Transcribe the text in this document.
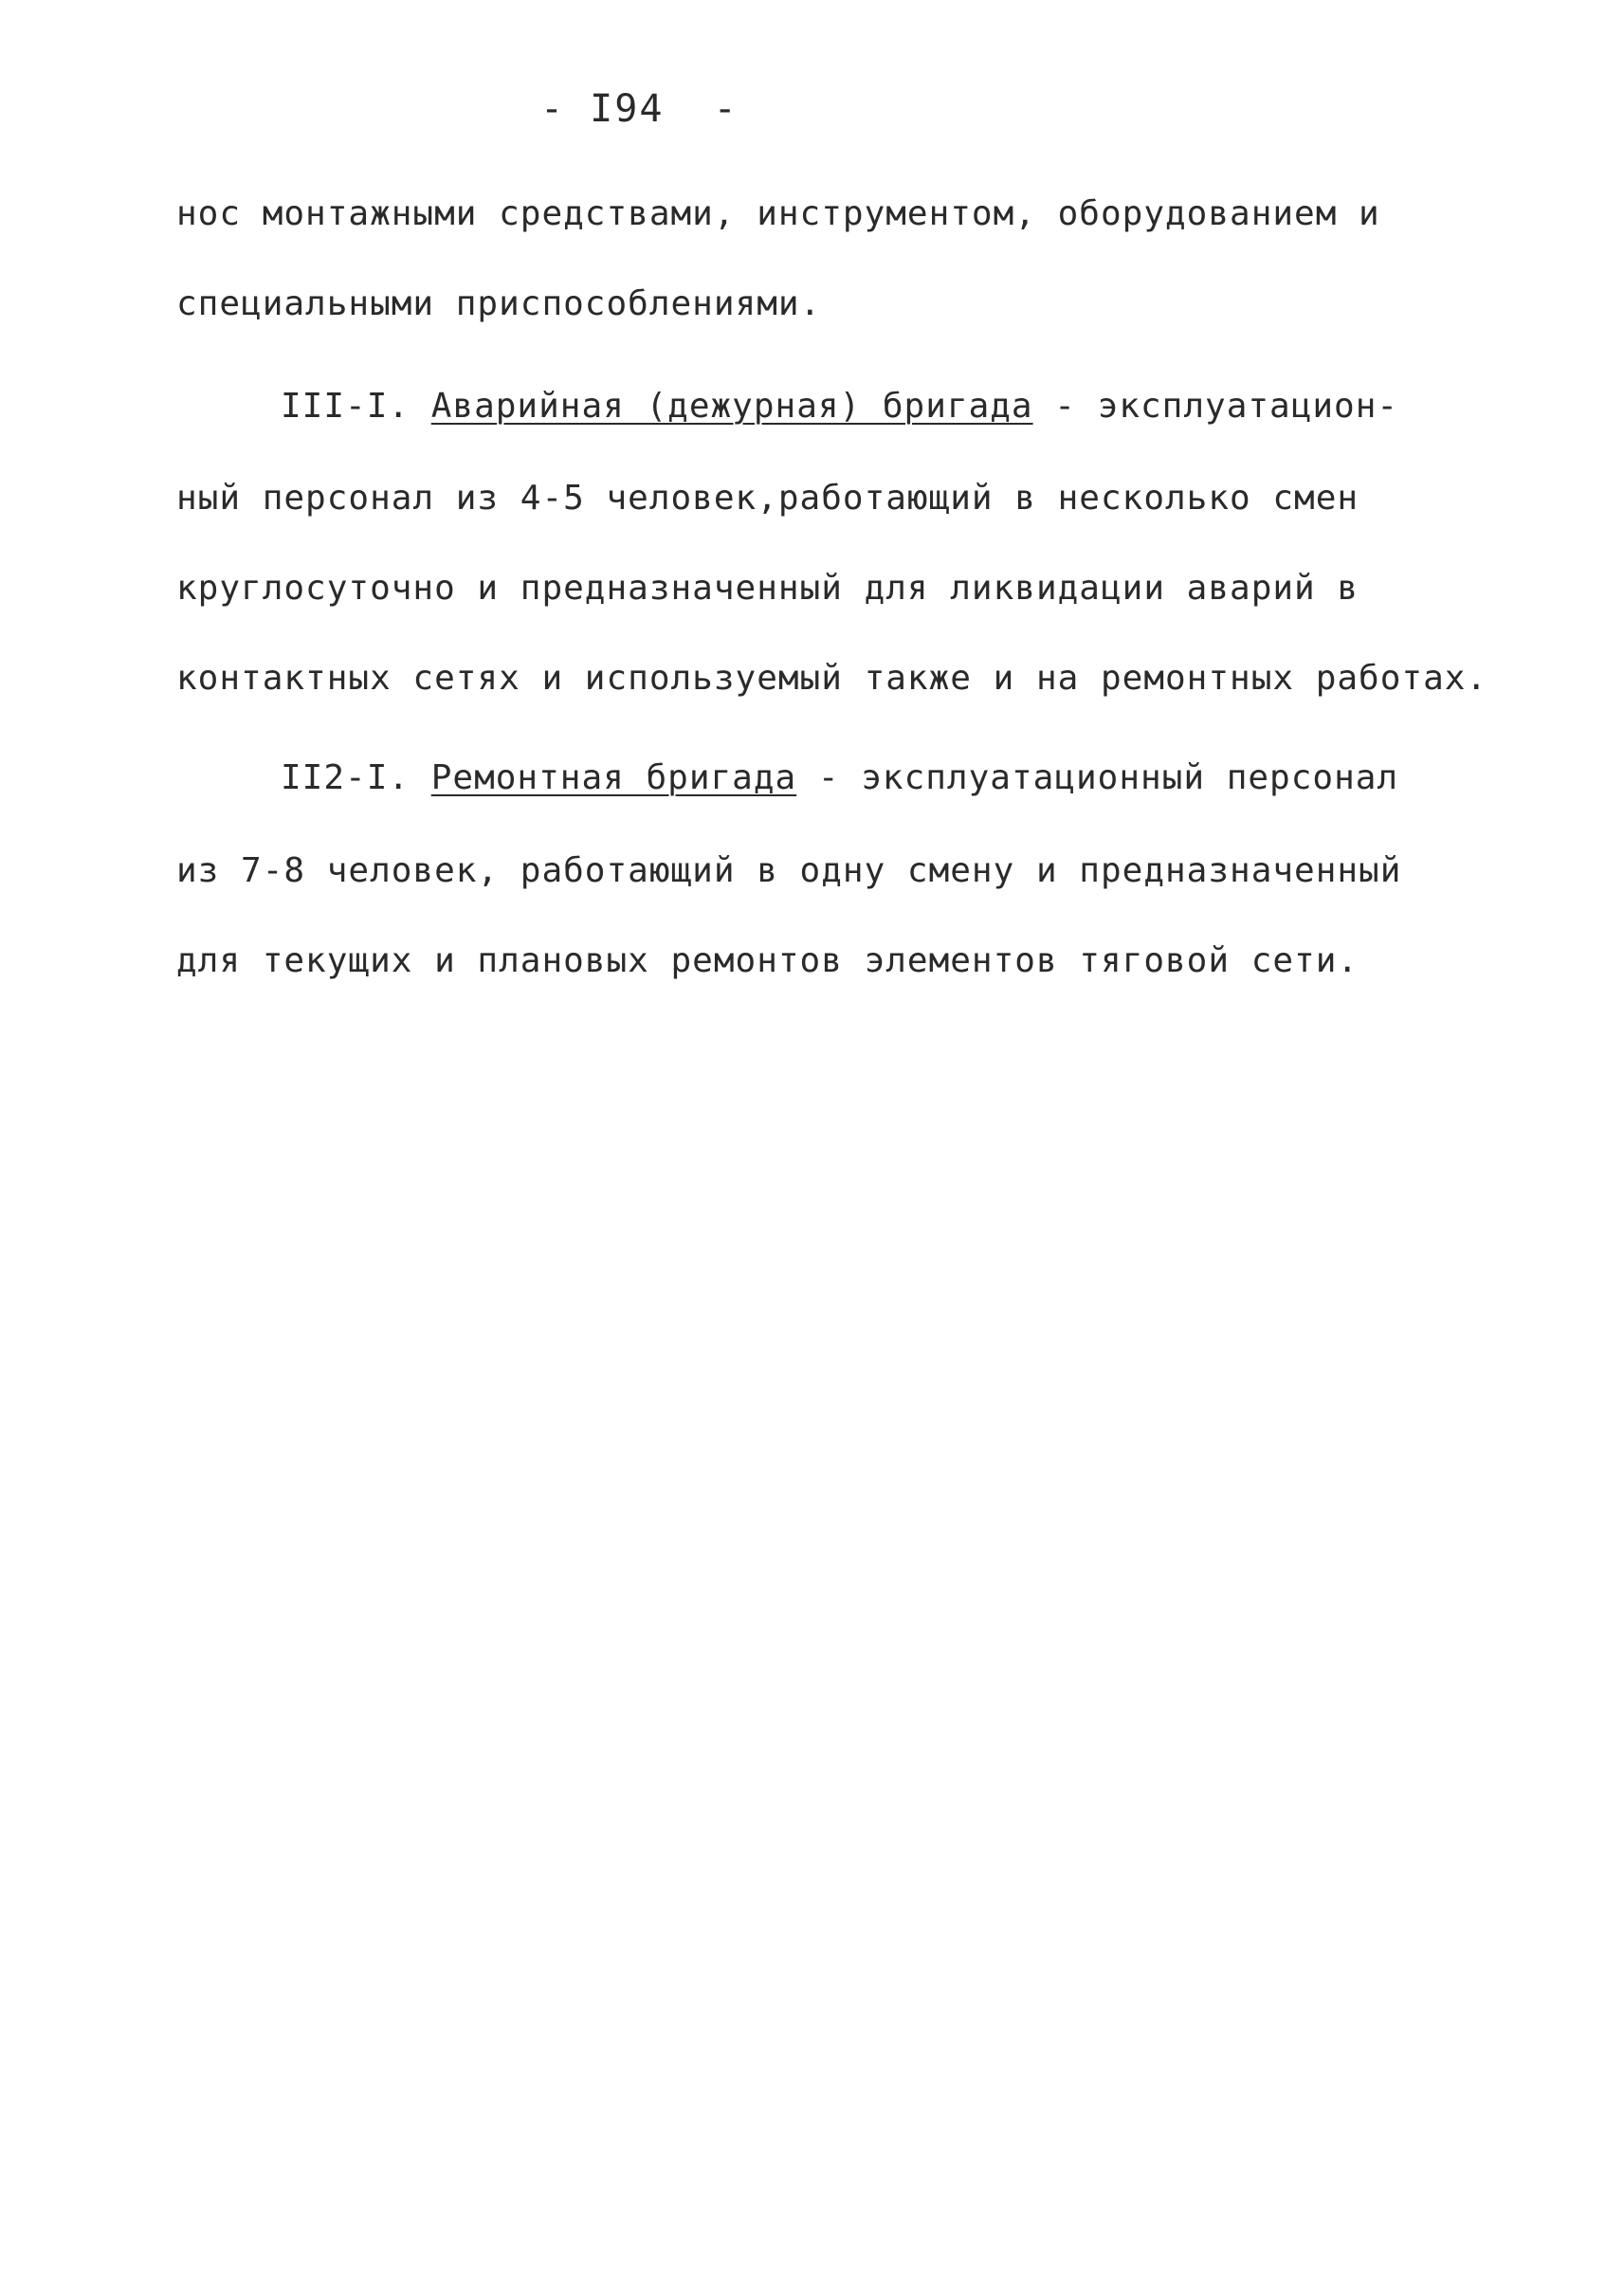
- I94  -
нос монтажными средствами, инструментом, оборудованием и
специальными приспособлениями.
III-I. Аварийная (дежурная) бригада - эксплуатацион-
ный персонал из 4-5 человек,работающий в несколько смен
круглосуточно и предназначенный для ликвидации аварий в
контактных сетях и используемый также и на ремонтных работах.
II2-I. Ремонтная бригада - эксплуатационный персонал
из 7-8 человек, работающий в одну смену и предназначенный
для текущих и плановых ремонтов элементов тяговой сети.
